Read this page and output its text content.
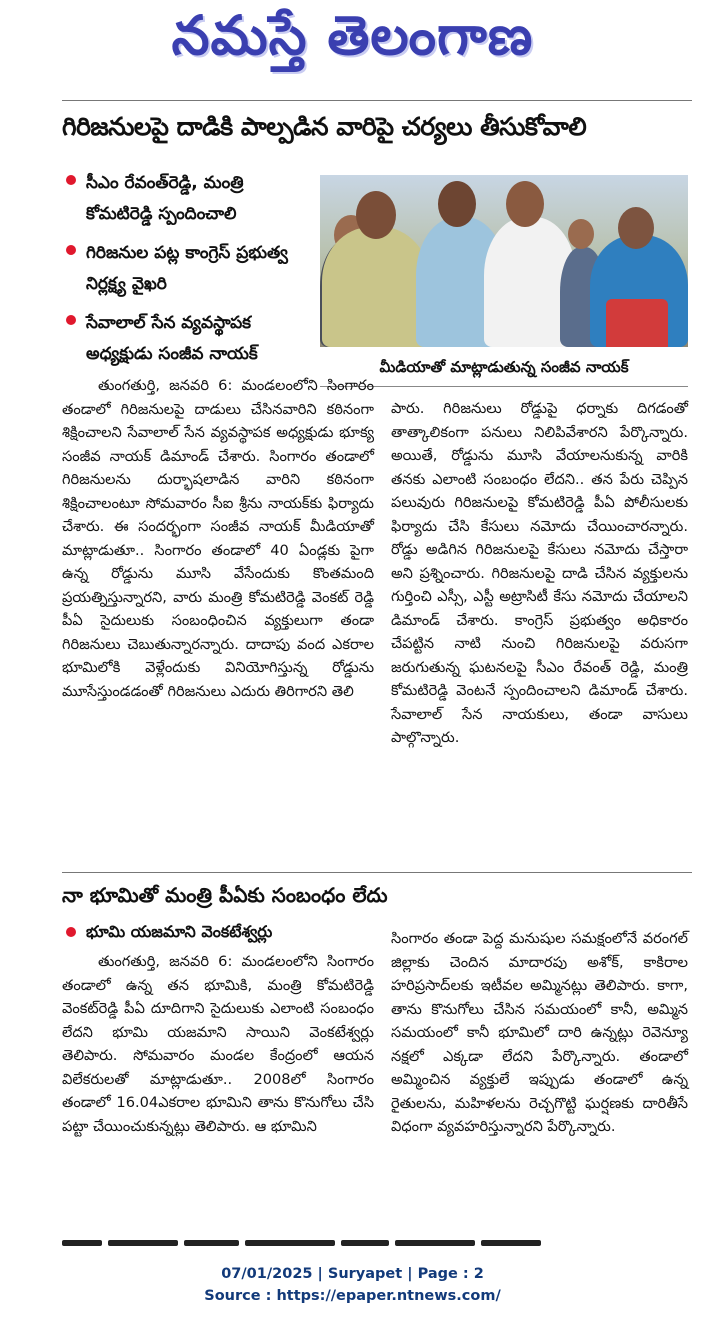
నమస్తే తెలంగాణ
గిరిజనులపై దాడికి పాల్పడిన వారిపై చర్యలు తీసుకోవాలి
సీఎం రేవంత్‌రెడ్డి, మంత్రి కోమటిరెడ్డి స్పందించాలి
గిరిజనుల పట్ల కాంగ్రెస్ ప్రభుత్వ నిర్లక్ష్య వైఖరి
సేవాలాల్ సేన వ్యవస్థాపక అధ్యక్షుడు సంజీవ నాయక్
మీడియాతో మాట్లాడుతున్న సంజీవ నాయక్

తుంగతుర్తి, జనవరి 6: మండలంలోని సింగారం తండాలో గిరిజనులపై దాడులు చేసినవారిని కఠినంగా శిక్షించాలని సేవాలాల్ సేన వ్యవస్థాపక అధ్యక్షుడు భూక్య సంజీవ నాయక్ డిమాండ్ చేశారు. సింగారం తండాలో గిరిజనులను దుర్భాషలాడిన వారిని కఠినంగా శిక్షించాలంటూ సోమవారం సీఐ శ్రీను నాయక్‌కు ఫిర్యాదు చేశారు. ఈ సందర్భంగా సంజీవ నాయక్ మీడియాతో మాట్లాడుతూ.. సింగారం తండాలో 40 ఏండ్లకు పైగా ఉన్న రోడ్డును మూసి వేసేందుకు కొంతమంది ప్రయత్నిస్తున్నారని, వారు మంత్రి కోమటిరెడ్డి వెంకట్ రెడ్డి పీఏ సైదులుకు సంబంధించిన వ్యక్తులుగా తండా గిరిజనులు చెబుతున్నారన్నారు. దాదాపు వంద ఎకరాల భూమిలోకి వెళ్లేందుకు వినియోగిస్తున్న రోడ్డును మూసేస్తుండడంతో గిరిజనులు ఎదురు తిరిగారని తెలి

పారు. గిరిజనులు రోడ్డుపై ధర్నాకు దిగడంతో తాత్కాలికంగా పనులు నిలిపివేశారని పేర్కొన్నారు. అయితే, రోడ్డును మూసి వేయాలనుకున్న వారికి తనకు ఎలాంటి సంబంధం లేదని.. తన పేరు చెప్పిన పలువురు గిరిజనులపై కోమటిరెడ్డి పీఏ పోలీసులకు ఫిర్యాదు చేసి కేసులు నమోదు చేయించారన్నారు. రోడ్డు అడిగిన గిరిజనులపై కేసులు నమోదు చేస్తారా అని ప్రశ్నించారు. గిరిజనులపై దాడి చేసిన వ్యక్తులను గుర్తించి ఎస్సీ, ఎస్టీ అట్రాసిటీ కేసు నమోదు చేయాలని డిమాండ్ చేశారు. కాంగ్రెస్ ప్రభుత్వం అధికారం చేపట్టిన నాటి నుంచి గిరిజనులపై వరుసగా జరుగుతున్న ఘటనలపై సీఎం రేవంత్ రెడ్డి, మంత్రి కోమటిరెడ్డి వెంటనే స్పందించాలని డిమాండ్ చేశారు. సేవాలాల్ సేన నాయకులు, తండా వాసులు పాల్గొన్నారు.

నా భూమితో మంత్రి పీఏకు సంబంధం లేదు
భూమి యజమాని వెంకటేశ్వర్లు

తుంగతుర్తి, జనవరి 6: మండలంలోని సింగారం తండాలో ఉన్న తన భూమికి, మంత్రి కోమటిరెడ్డి వెంకట్‌రెడ్డి పీఏ దూదిగాని సైదులుకు ఎలాంటి సంబంధం లేదని భూమి యజమాని సాయిని వెంకటేశ్వర్లు తెలిపారు. సోమవారం మండల కేంద్రంలో ఆయన విలేకరులతో మాట్లాడుతూ.. 2008లో సింగారం తండాలో 16.04ఎకరాల భూమిని తాను కొనుగోలు చేసి పట్టా చేయించుకున్నట్లు తెలిపారు. ఆ భూమిని

సింగారం తండా పెద్ద మనుషుల సమక్షంలోనే వరంగల్ జిల్లాకు చెందిన మాదారపు అశోక్, కాకిరాల హరిప్రసాద్‌లకు ఇటీవల అమ్మినట్లు తెలిపారు. కాగా, తాను కొనుగోలు చేసిన సమయంలో కానీ, అమ్మిన సమయంలో కానీ భూమిలో దారి ఉన్నట్లు రెవెన్యూ నక్షలో ఎక్కడా లేదని పేర్కొన్నారు. తండాలో అమ్మించిన వ్యక్తులే ఇప్పుడు తండాలో ఉన్న రైతులను, మహిళలను రెచ్చగొట్టి ఘర్షణకు దారితీసే విధంగా వ్యవహరిస్తున్నారని పేర్కొన్నారు.

07/01/2025 | Suryapet | Page : 2
Source : https://epaper.ntnews.com/
